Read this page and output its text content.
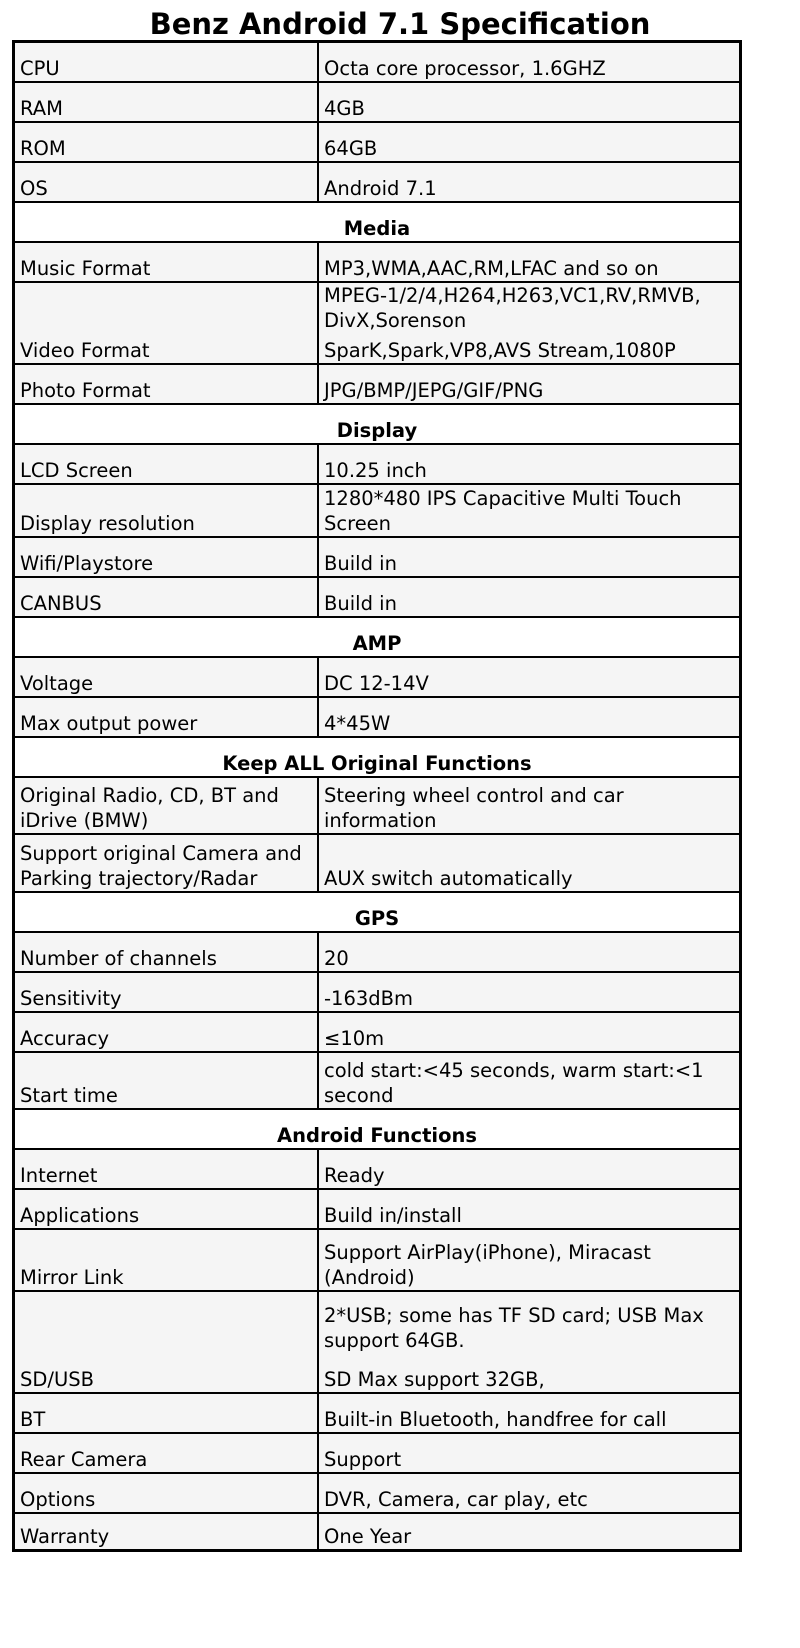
Benz Android 7.1 Specification
CPU	Octa core processor, 1.6GHZ
RAM	4GB
ROM	64GB
OS	Android 7.1
Media	
Music Format	MP3,WMA,AAC,RM,LFAC and so on
Video Format	MPEG-1/2/4,H264,H263,VC1,RV,RMVB, DivX,Sorenson
SparK,Spark,VP8,AVS Stream,1080P

Photo Format	JPG/BMP/JEPG/GIF/PNG
Display	
LCD Screen	10.25 inch
Display resolution	1280*480 IPS Capacitive Multi Touch Screen
Wifi/Playstore	Build in
CANBUS	Build in
AMP	
Voltage	DC 12-14V
Max output power	4*45W
Keep ALL Original Functions	
Original Radio, CD, BT and iDrive (BMW)	Steering wheel control and car information
Support original Camera and Parking trajectory/Radar	AUX switch automatically
GPS	
Number of channels	20
Sensitivity	-163dBm
Accuracy	≤10m
Start time	cold start:<45 seconds, warm start:<1 second
Android Functions	
Internet	Ready
Applications	Build in/install
Mirror Link	Support AirPlay(iPhone), Miracast (Android)
SD/USB	2*USB; some has TF SD card; USB Max support 64GB.
SD Max support 32GB,

BT	Built-in Bluetooth, handfree for call
Rear Camera	Support
Options	DVR, Camera, car play, etc
Warranty	One Year
